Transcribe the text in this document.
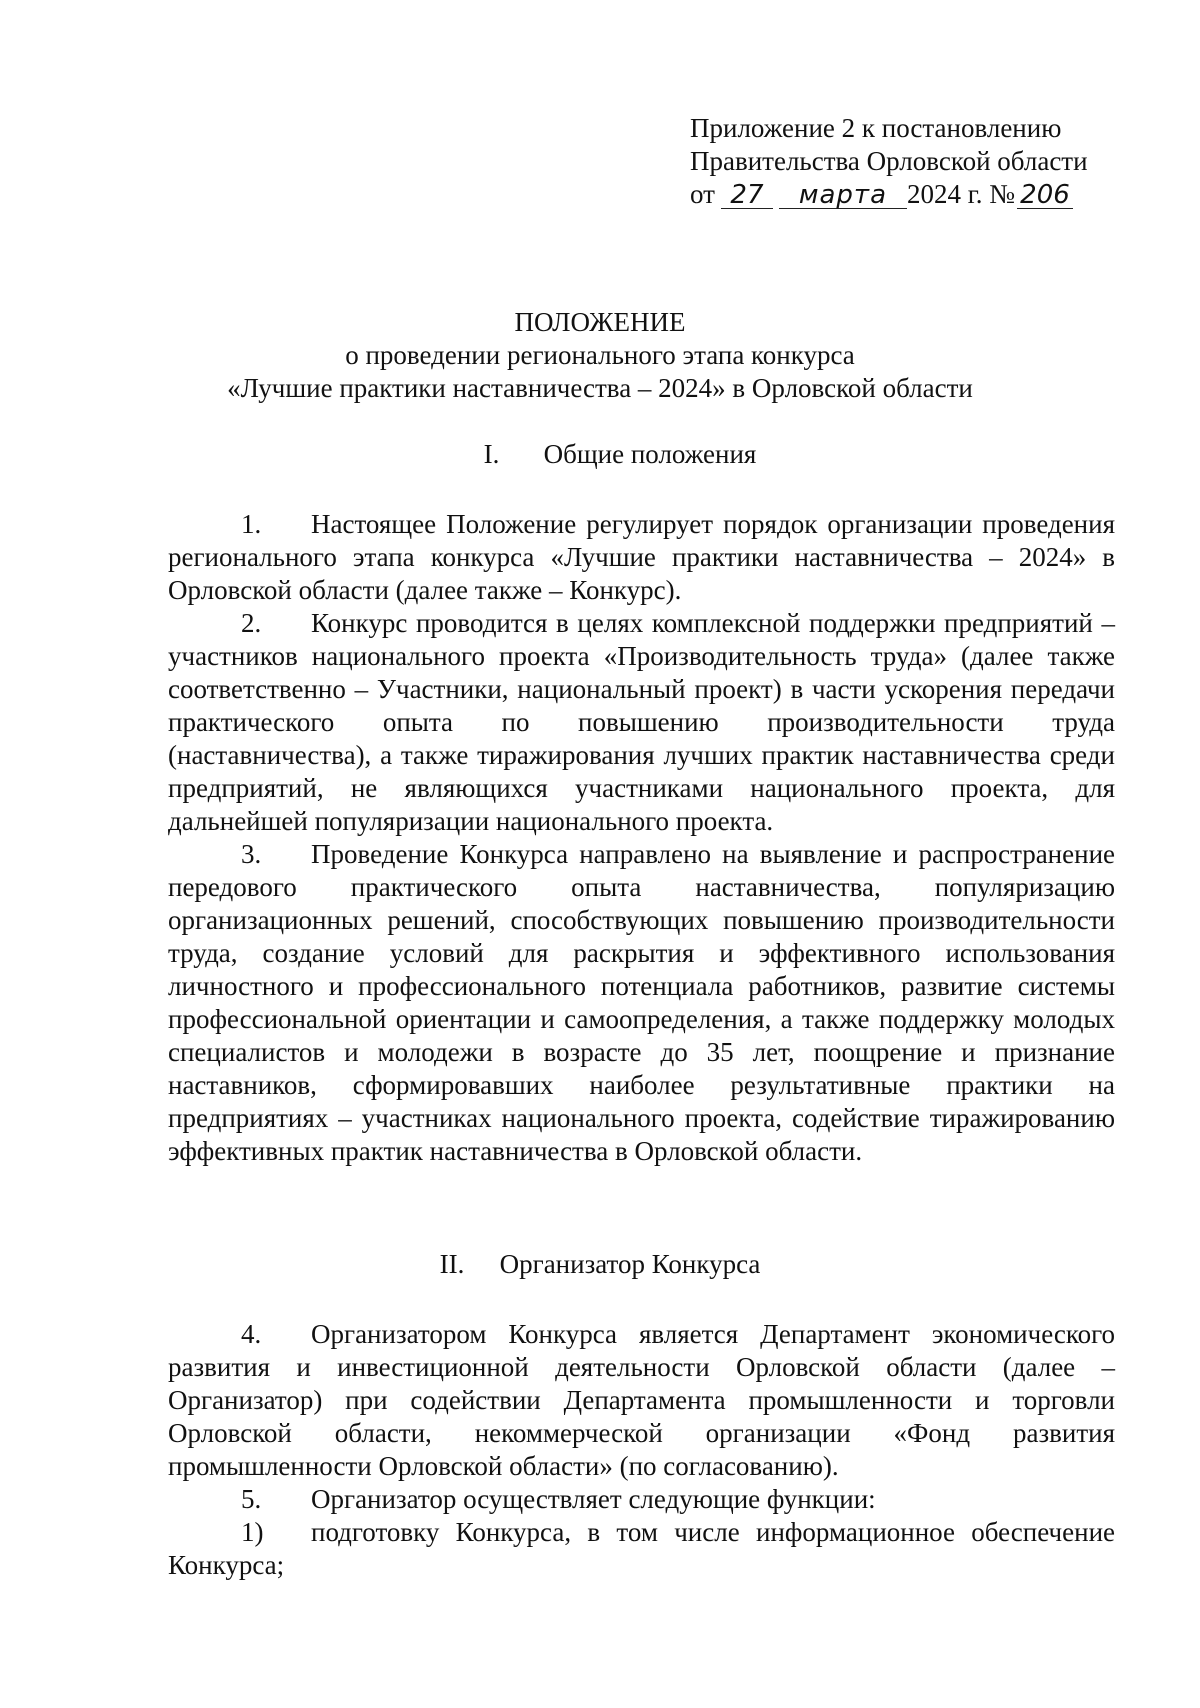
Приложение 2 к постановлению
Правительства Орловской области
от 27 марта 2024 г. № 206
ПОЛОЖЕНИЕ
о проведении регионального этапа конкурса
«Лучшие практики наставничества – 2024» в Орловской области
I. Общие положения

1. Настоящее Положение регулирует порядок организации проведения регионального этапа конкурса «Лучшие практики наставничества – 2024» в Орловской области (далее также – Конкурс).

2. Конкурс проводится в целях комплексной поддержки предприятий – участников национального проекта «Производительность труда» (далее также соответственно – Участники, национальный проект) в части ускорения передачи практического опыта по повышению производительности труда (наставничества), а также тиражирования лучших практик наставничества среди предприятий, не являющихся участниками национального проекта, для дальнейшей популяризации национального проекта.

3. Проведение Конкурса направлено на выявление и распространение передового практического опыта наставничества, популяризацию организационных решений, способствующих повышению производительности труда, создание условий для раскрытия и эффективного использования личностного и профессионального потенциала работников, развитие системы профессиональной ориентации и самоопределения, а также поддержку молодых специалистов и молодежи в возрасте до 35 лет, поощрение и признание наставников, сформировавших наиболее результативные практики на предприятиях – участниках национального проекта, содействие тиражированию эффективных практик наставничества в Орловской области.

II. Организатор Конкурса

4. Организатором Конкурса является Департамент экономического развития и инвестиционной деятельности Орловской области (далее – Организатор) при содействии Департамента промышленности и торговли Орловской области, некоммерческой организации «Фонд развития промышленности Орловской области» (по согласованию).

5. Организатор осуществляет следующие функции:

1) подготовку Конкурса, в том числе информационное обеспечение Конкурса;
